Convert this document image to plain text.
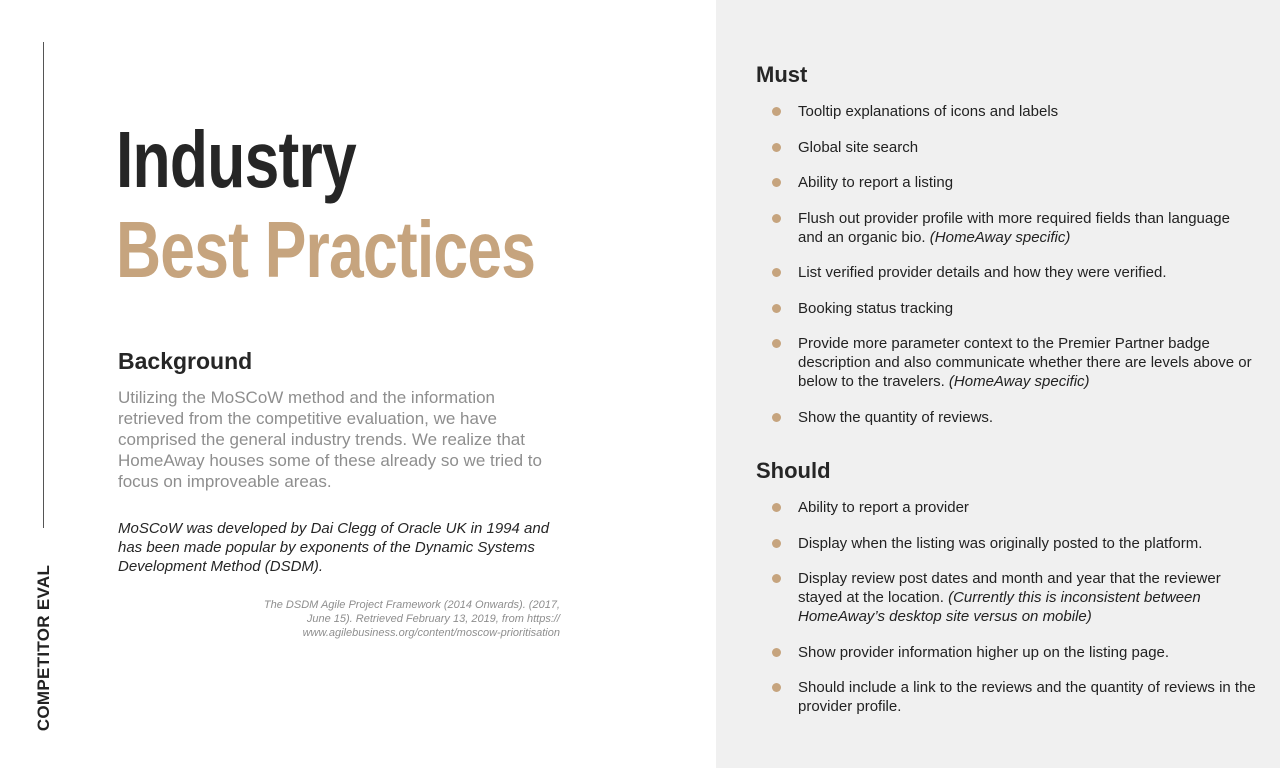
COMPETITOR EVAL
Industry
Best Practices
Background
Utilizing the MoSCoW method and the information retrieved from the competitive evaluation, we have comprised the general industry trends. We realize that HomeAway houses some of these already so we tried to focus on improveable areas.
MoSCoW was developed by Dai Clegg of Oracle UK in 1994 and has been made popular by exponents of the Dynamic Systems Development Method (DSDM).
The DSDM Agile Project Framework (2014 Onwards). (2017, June 15). Retrieved February 13, 2019, from https:// www.agilebusiness.org/content/moscow-prioritisation
Must
Tooltip explanations of icons and labels
Global site search
Ability to report a listing
Flush out provider profile with more required fields than language and an organic bio. (HomeAway specific)
List verified provider details and how they were verified.
Booking status tracking
Provide more parameter context to the Premier Partner badge description and also communicate whether there are levels above or below to the travelers. (HomeAway specific)
Show the quantity of reviews.
Should
Ability to report a provider
Display when the listing was originally posted to the platform.
Display review post dates and month and year that the reviewer stayed at the location. (Currently this is inconsistent between HomeAway’s desktop site versus on mobile)
Show provider information higher up on the listing page.
Should include a link to the reviews and the quantity of reviews in the provider profile.
